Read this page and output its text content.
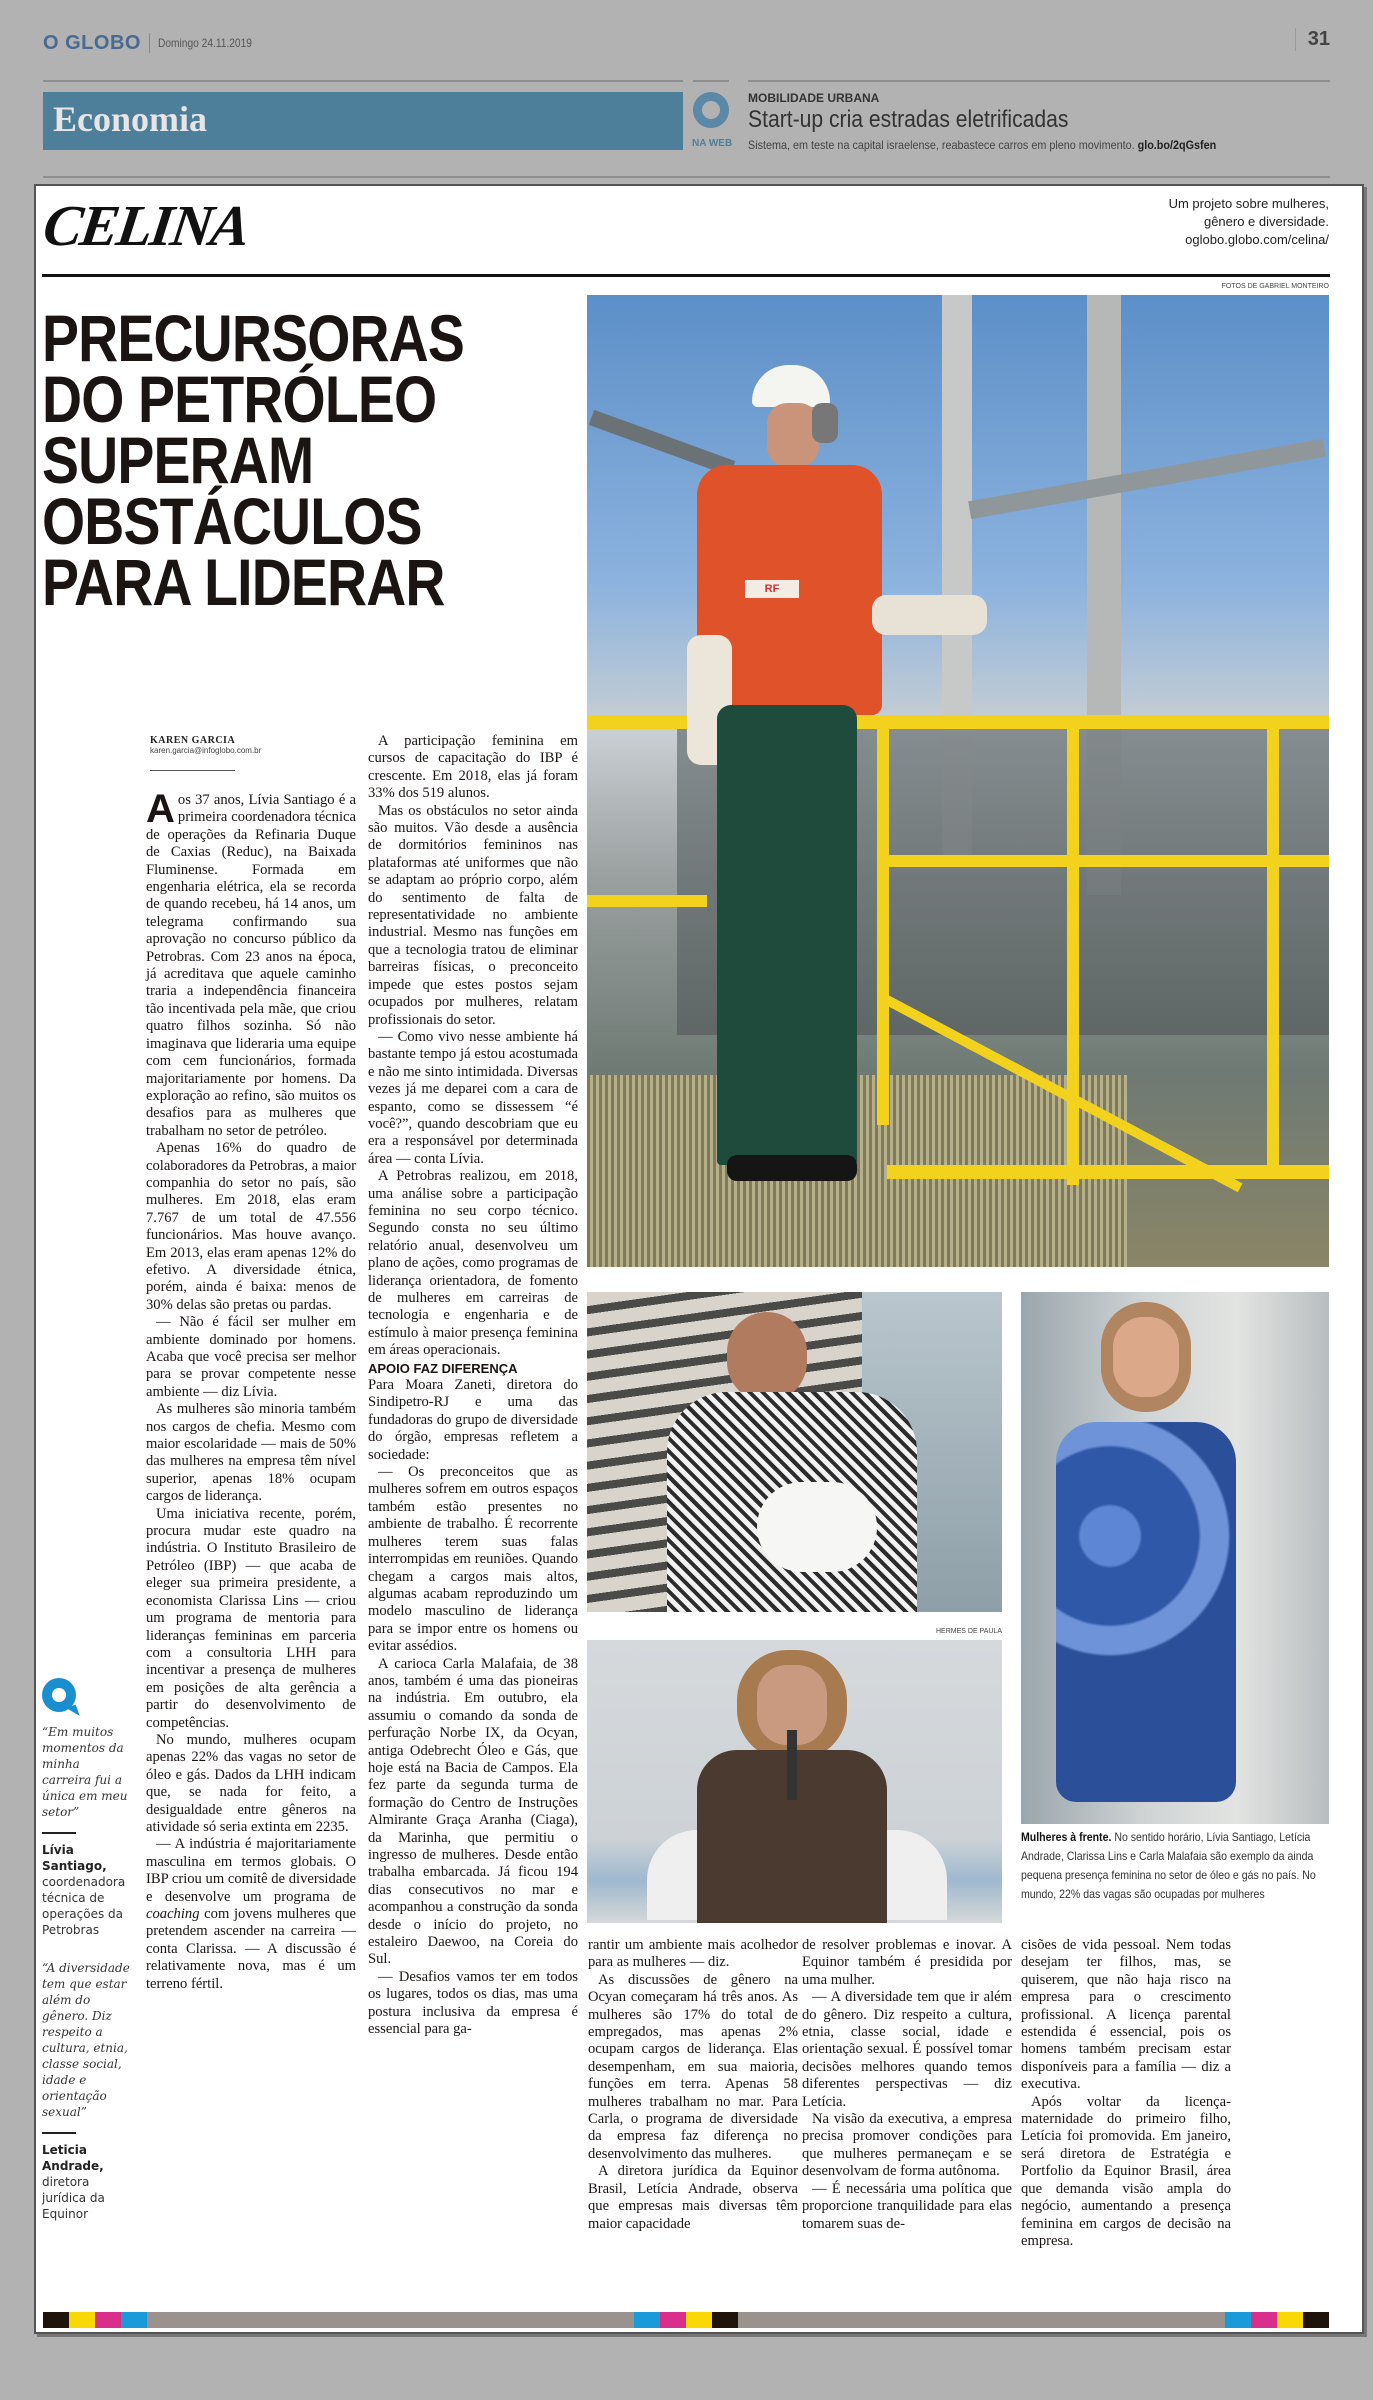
O GLOBO Domingo 24.11.2019	31
Economia
NA WEB
MOBILIDADE URBANA
Start-up cria estradas eletrificadas
Sistema, em teste na capital israelense, reabastece carros em pleno movimento. glo.bo/2qGsfen
CELINA	Um projeto sobre mulheres,
gênero e diversidade.
oglobo.globo.com/celina/
FOTOS DE GABRIEL MONTEIRO
PRECURSORAS
DO PETRÓLEO
SUPERAM
OBSTÁCULOS
PARA LIDERAR
KAREN GARCIA
karen.garcia@infoglobo.com.br

Aos 37 anos, Lívia Santiago é a primeira coordenadora técnica de operações da Refinaria Duque de Caxias (Reduc), na Baixada Fluminense. Formada em engenharia elétrica, ela se recorda de quando recebeu, há 14 anos, um telegrama confirmando sua aprovação no concurso público da Petrobras. Com 23 anos na época, já acreditava que aquele caminho traria a independência financeira tão incentivada pela mãe, que criou quatro filhos sozinha. Só não imaginava que lideraria uma equipe com cem funcionários, formada majoritariamente por homens. Da exploração ao refino, são muitos os desafios para as mulheres que trabalham no setor de petróleo.

Apenas 16% do quadro de colaboradores da Petrobras, a maior companhia do setor no país, são mulheres. Em 2018, elas eram 7.767 de um total de 47.556 funcionários. Mas houve avanço. Em 2013, elas eram apenas 12% do efetivo. A diversidade étnica, porém, ainda é baixa: menos de 30% delas são pretas ou pardas.

— Não é fácil ser mulher em ambiente dominado por homens. Acaba que você precisa ser melhor para se provar competente nesse ambiente — diz Lívia.

As mulheres são minoria também nos cargos de chefia. Mesmo com maior escolaridade — mais de 50% das mulheres na empresa têm nível superior, apenas 18% ocupam cargos de liderança.

Uma iniciativa recente, porém, procura mudar este quadro na indústria. O Instituto Brasileiro de Petróleo (IBP) — que acaba de eleger sua primeira presidente, a economista Clarissa Lins — criou um programa de mentoria para lideranças femininas em parceria com a consultoria LHH para incentivar a presença de mulheres em posições de alta gerência a partir do desenvolvimento de competências.

No mundo, mulheres ocupam apenas 22% das vagas no setor de óleo e gás. Dados da LHH indicam que, se nada for feito, a desigualdade entre gêneros na atividade só seria extinta em 2235.

— A indústria é majoritariamente masculina em termos globais. O IBP criou um comitê de diversidade e desenvolve um programa de coaching com jovens mulheres que pretendem ascender na carreira — conta Clarissa. — A discussão é relativamente nova, mas é um terreno fértil.

“Em muitos momentos da minha carreira fui a única em meu setor”
Lívia Santiago,
coordenadora técnica de operações da Petrobras
“A diversidade tem que estar além do gênero. Diz respeito a cultura, etnia, classe social, idade e orientação sexual”
Leticia Andrade,
diretora jurídica da Equinor

A participação feminina em cursos de capacitação do IBP é crescente. Em 2018, elas já foram 33% dos 519 alunos.

Mas os obstáculos no setor ainda são muitos. Vão desde a ausência de dormitórios femininos nas plataformas até uniformes que não se adaptam ao próprio corpo, além do sentimento de falta de representatividade no ambiente industrial. Mesmo nas funções em que a tecnologia tratou de eliminar barreiras físicas, o preconceito impede que estes postos sejam ocupados por mulheres, relatam profissionais do setor.

— Como vivo nesse ambiente há bastante tempo já estou acostumada e não me sinto intimidada. Diversas vezes já me deparei com a cara de espanto, como se dissessem “é você?”, quando descobriam que eu era a responsável por determinada área — conta Lívia.

A Petrobras realizou, em 2018, uma análise sobre a participação feminina no seu corpo técnico. Segundo consta no seu último relatório anual, desenvolveu um plano de ações, como programas de liderança orientadora, de fomento de mulheres em carreiras de tecnologia e engenharia e de estímulo à maior presença feminina em áreas operacionais.

APOIO FAZ DIFERENÇA

Para Moara Zaneti, diretora do Sindipetro-RJ e uma das fundadoras do grupo de diversidade do órgão, empresas refletem a sociedade:

— Os preconceitos que as mulheres sofrem em outros espaços também estão presentes no ambiente de trabalho. É recorrente mulheres terem suas falas interrompidas em reuniões. Quando chegam a cargos mais altos, algumas acabam reproduzindo um modelo masculino de liderança para se impor entre os homens ou evitar assédios.

A carioca Carla Malafaia, de 38 anos, também é uma das pioneiras na indústria. Em outubro, ela assumiu o comando da sonda de perfuração Norbe IX, da Ocyan, antiga Odebrecht Óleo e Gás, que hoje está na Bacia de Campos. Ela fez parte da segunda turma de formação do Centro de Instruções Almirante Graça Aranha (Ciaga), da Marinha, que permitiu o ingresso de mulheres. Desde então trabalha embarcada. Já ficou 194 dias consecutivos no mar e acompanhou a construção da sonda desde o início do projeto, no estaleiro Daewoo, na Coreia do Sul.

— Desafios vamos ter em todos os lugares, todos os dias, mas uma postura inclusiva da empresa é essencial para ga-

rantir um ambiente mais acolhedor para as mulheres — diz.

As discussões de gênero na Ocyan começaram há três anos. As mulheres são 17% do total de empregados, mas apenas 2% ocupam cargos de liderança. Elas desempenham, em sua maioria, funções em terra. Apenas 58 mulheres trabalham no mar. Para Carla, o programa de diversidade da empresa faz diferença no desenvolvimento das mulheres.

A diretora jurídica da Equinor Brasil, Letícia Andrade, observa que empresas mais diversas têm maior capacidade

de resolver problemas e inovar. A Equinor também é presidida por uma mulher.

— A diversidade tem que ir além do gênero. Diz respeito a cultura, etnia, classe social, idade e orientação sexual. É possível tomar decisões melhores quando temos diferentes perspectivas — diz Letícia.

Na visão da executiva, a empresa precisa promover condições para que mulheres permaneçam e se desenvolvam de forma autônoma.

— É necessária uma política que proporcione tranquilidade para elas tomarem suas de-

cisões de vida pessoal. Nem todas desejam ter filhos, mas, se quiserem, que não haja risco na empresa para o crescimento profissional. A licença parental estendida é essencial, pois os homens também precisam estar disponíveis para a família — diz a executiva.

Após voltar da licença-maternidade do primeiro filho, Letícia foi promovida. Em janeiro, será diretora de Estratégia e Portfolio da Equinor Brasil, área que demanda visão ampla do negócio, aumentando a presença feminina em cargos de decisão na empresa.

RF
HERMES DE PAULA
Mulheres à frente. No sentido horário, Lívia Santiago, Letícia Andrade, Clarissa Lins e Carla Malafaia são exemplo da ainda pequena presença feminina no setor de óleo e gás no país. No mundo, 22% das vagas são ocupadas por mulheres
